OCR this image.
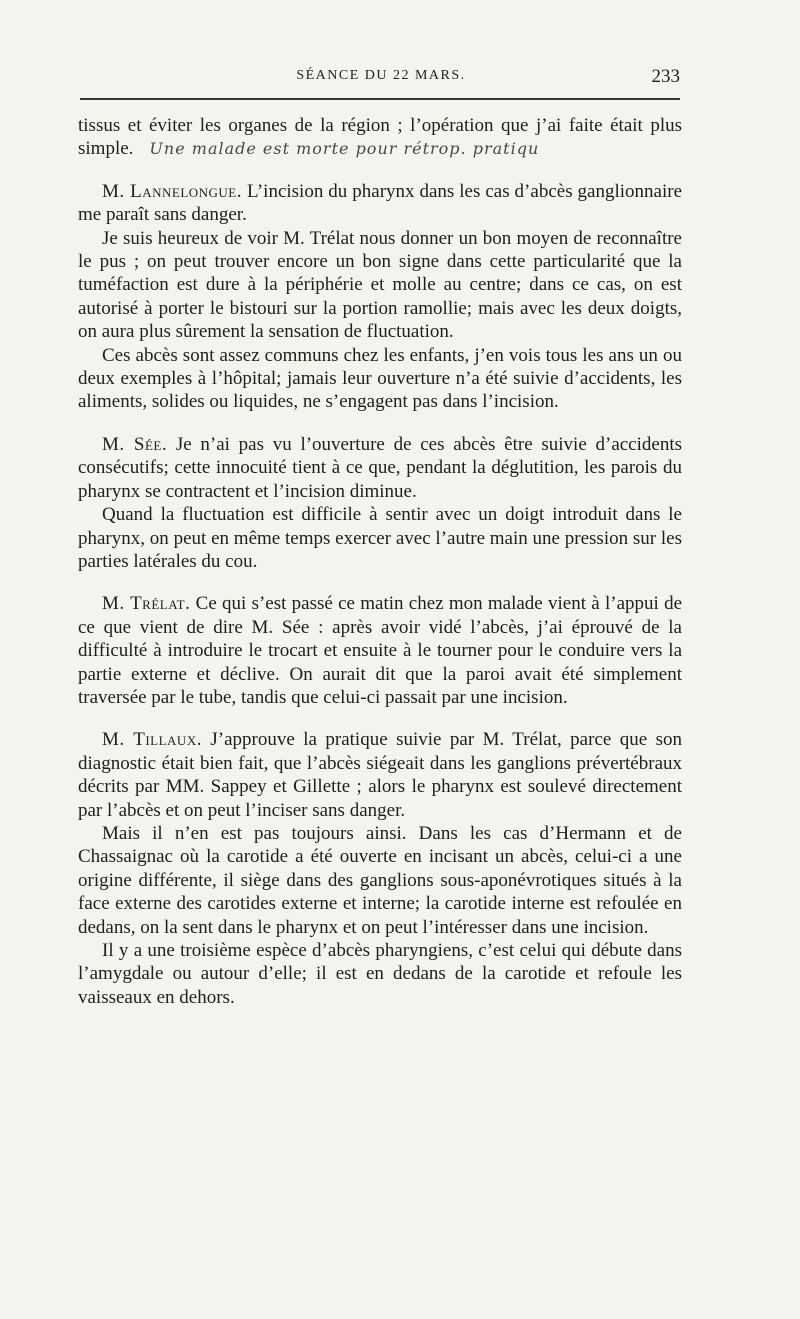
SÉANCE DU 22 MARS.	233

tissus et éviter les organes de la région ; l’opération que j’ai faite était plus simple. Une malade est morte pour rétrop. pratiqu

M. Lannelongue. L’incision du pharynx dans les cas d’abcès ganglionnaire me paraît sans danger.

Je suis heureux de voir M. Trélat nous donner un bon moyen de reconnaître le pus ; on peut trouver encore un bon signe dans cette particularité que la tuméfaction est dure à la périphérie et molle au centre; dans ce cas, on est autorisé à porter le bistouri sur la portion ramollie; mais avec les deux doigts, on aura plus sûrement la sensation de fluctuation.

Ces abcès sont assez communs chez les enfants, j’en vois tous les ans un ou deux exemples à l’hôpital; jamais leur ouverture n’a été suivie d’accidents, les aliments, solides ou liquides, ne s’engagent pas dans l’incision.

M. Sée. Je n’ai pas vu l’ouverture de ces abcès être suivie d’accidents consécutifs; cette innocuité tient à ce que, pendant la déglutition, les parois du pharynx se contractent et l’incision diminue.

Quand la fluctuation est difficile à sentir avec un doigt introduit dans le pharynx, on peut en même temps exercer avec l’autre main une pression sur les parties latérales du cou.

M. Trélat. Ce qui s’est passé ce matin chez mon malade vient à l’appui de ce que vient de dire M. Sée : après avoir vidé l’abcès, j’ai éprouvé de la difficulté à introduire le trocart et ensuite à le tourner pour le conduire vers la partie externe et déclive. On aurait dit que la paroi avait été simplement traversée par le tube, tandis que celui-ci passait par une incision.

M. Tillaux. J’approuve la pratique suivie par M. Trélat, parce que son diagnostic était bien fait, que l’abcès siégeait dans les ganglions prévertébraux décrits par MM. Sappey et Gillette ; alors le pharynx est soulevé directement par l’abcès et on peut l’inciser sans danger.

Mais il n’en est pas toujours ainsi. Dans les cas d’Hermann et de Chassaignac où la carotide a été ouverte en incisant un abcès, celui-ci a une origine différente, il siège dans des ganglions sous-aponévrotiques situés à la face externe des carotides externe et interne; la carotide interne est refoulée en dedans, on la sent dans le pharynx et on peut l’intéresser dans une incision.

Il y a une troisième espèce d’abcès pharyngiens, c’est celui qui débute dans l’amygdale ou autour d’elle; il est en dedans de la carotide et refoule les vaisseaux en dehors.
